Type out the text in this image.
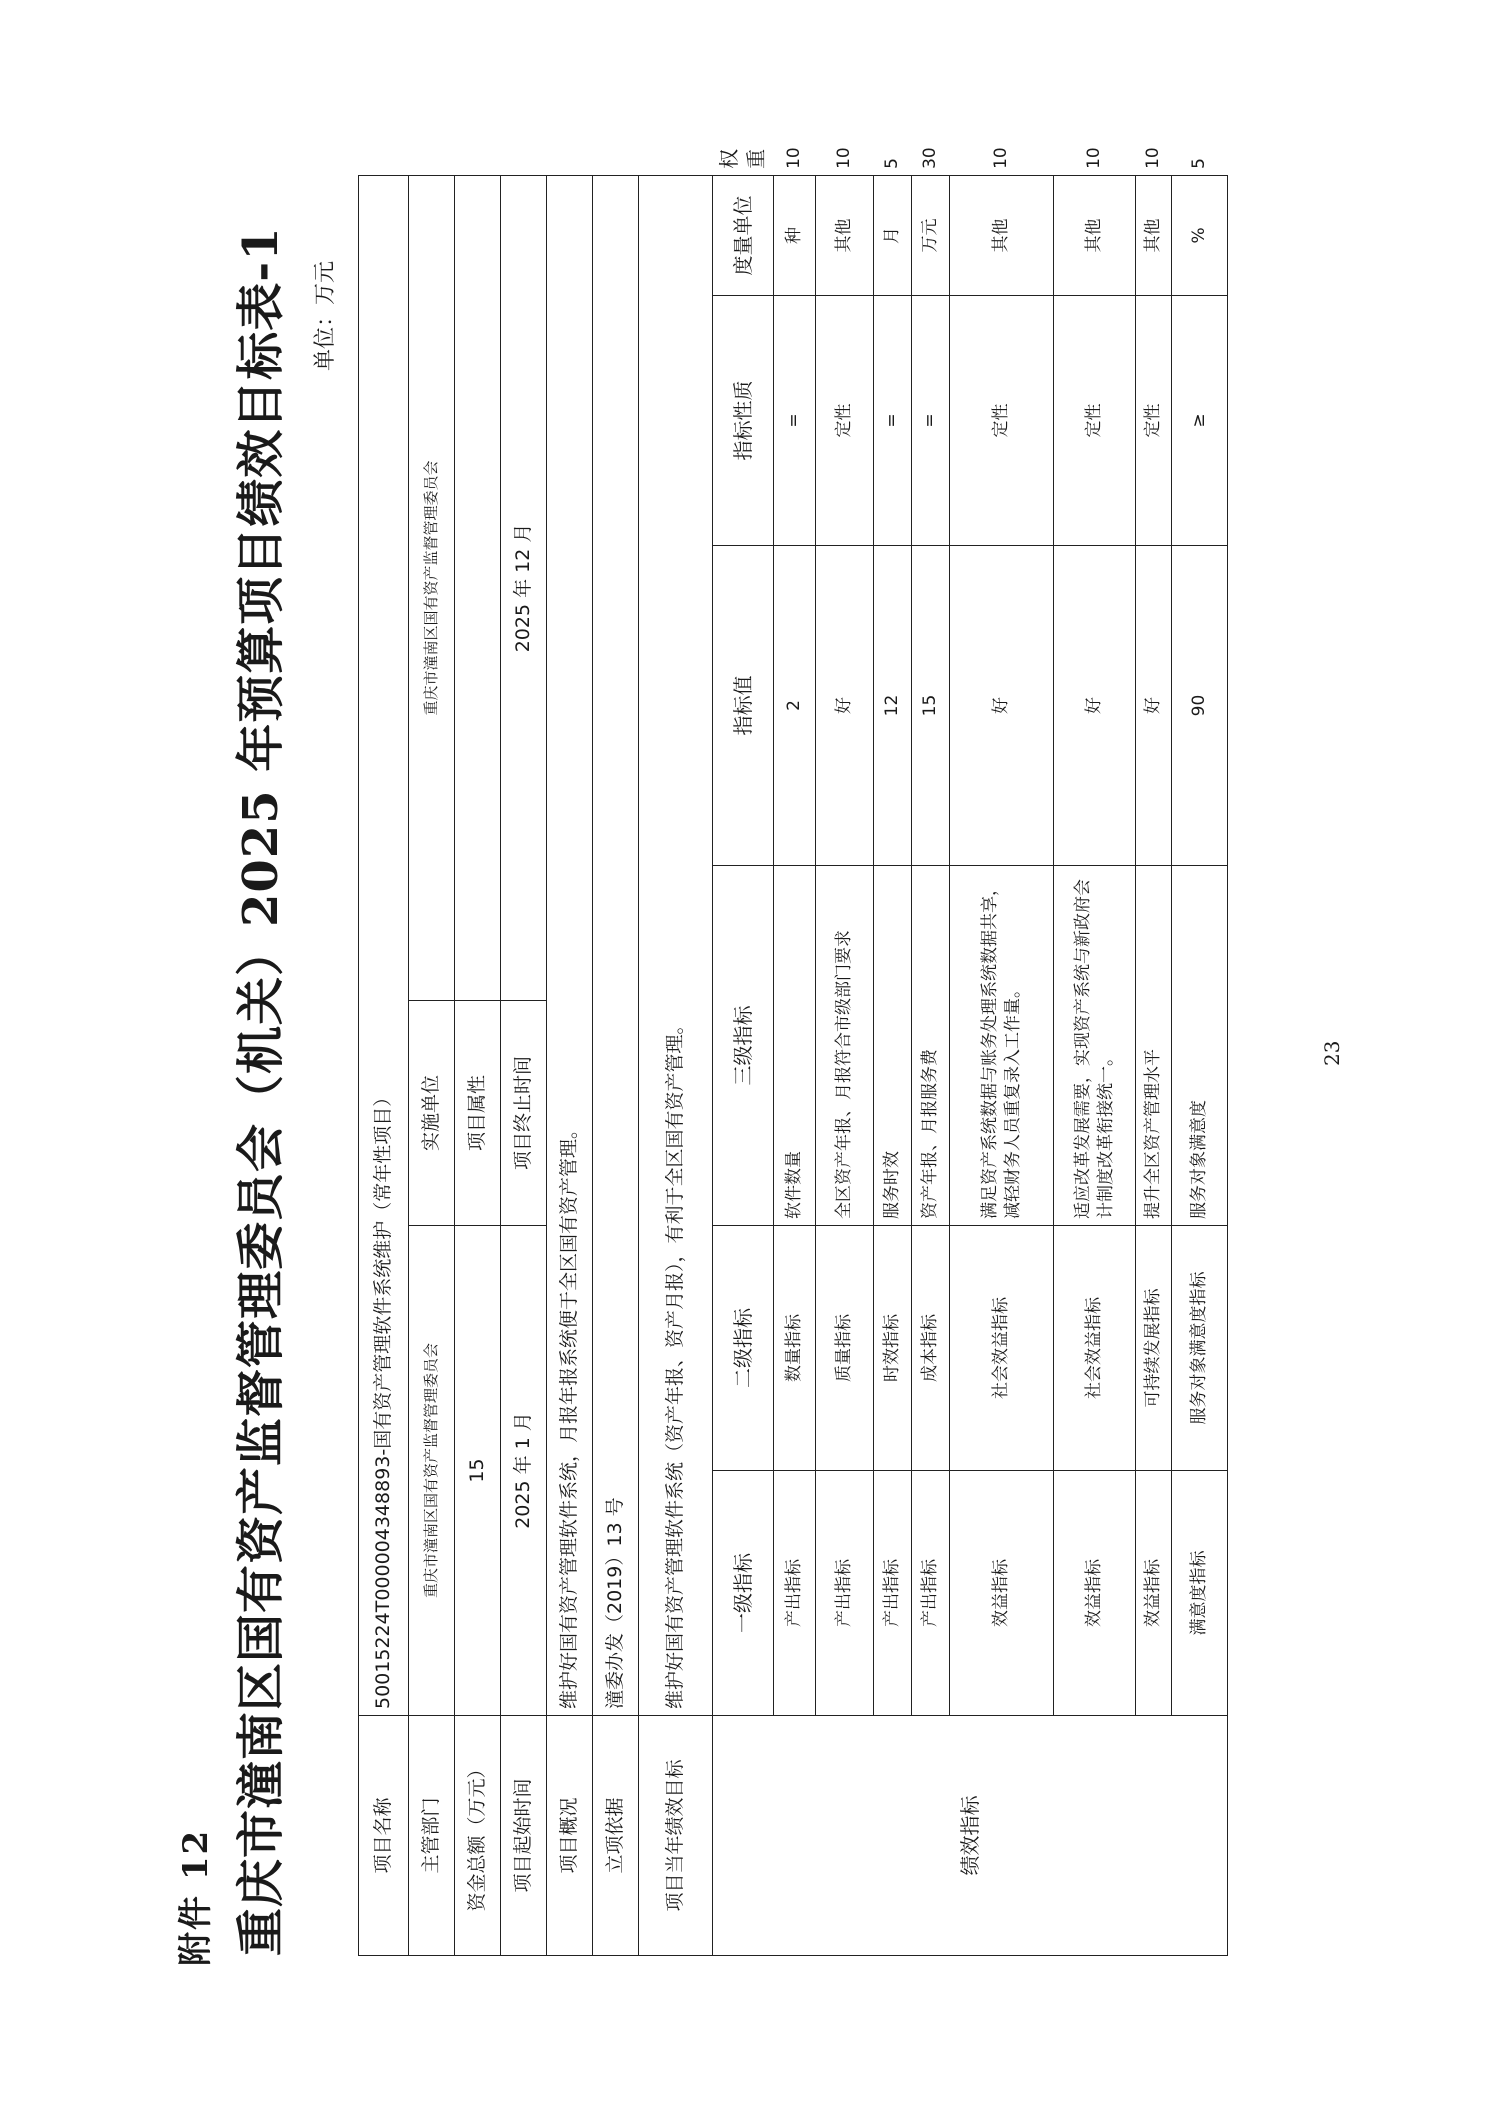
附件 12 重庆市潼南区国有资产监督管理委员会（机关）2025 年预算项目绩效目标表-1 单位：万元
项目名称	50015224T000004348893-国有资产管理软件系统维护（常年性项目）							
主管部门	重庆市潼南区国有资产监督管理委员会		实施单位	重庆市潼南区国有资产监督管理委员会				
资金总额（万元）	15		项目属性					
项目起始时间	2025 年 1 月		项目终止时间	2025 年 12 月				
项目概况	维护好国有资产管理软件系统，月报年报系统便于全区国有资产管理。							
立项依据	潼委办发（2019）13 号							
项目当年绩效目标	维护好国有资产管理软件系统（资产年报、资产月报），有利于全区国有资产管理。							
绩效指标	一级指标	二级指标	三级指标		指标值	指标性质	度量单位	权重
	产出指标	数量指标	软件数量		2	=	种	10
	产出指标	质量指标	全区资产年报、月报符合市级部门要求		好	定性	其他	10
	产出指标	时效指标	服务时效		12	=	月	5
	产出指标	成本指标	资产年报、月报服务费		15	=	万元	30
	效益指标	社会效益指标	满足资产系统数据与账务处理系统数据共享，减轻财务人员重复录入工作量。		好	定性	其他	10
	效益指标	社会效益指标	适应改革发展需要，实现资产系统与新政府会计制度改革衔接统一。		好	定性	其他	10
	效益指标	可持续发展指标	提升全区资产管理水平		好	定性	其他	10
	满意度指标	服务对象满意度指标	服务对象满意度		90	≥	%	5
23
